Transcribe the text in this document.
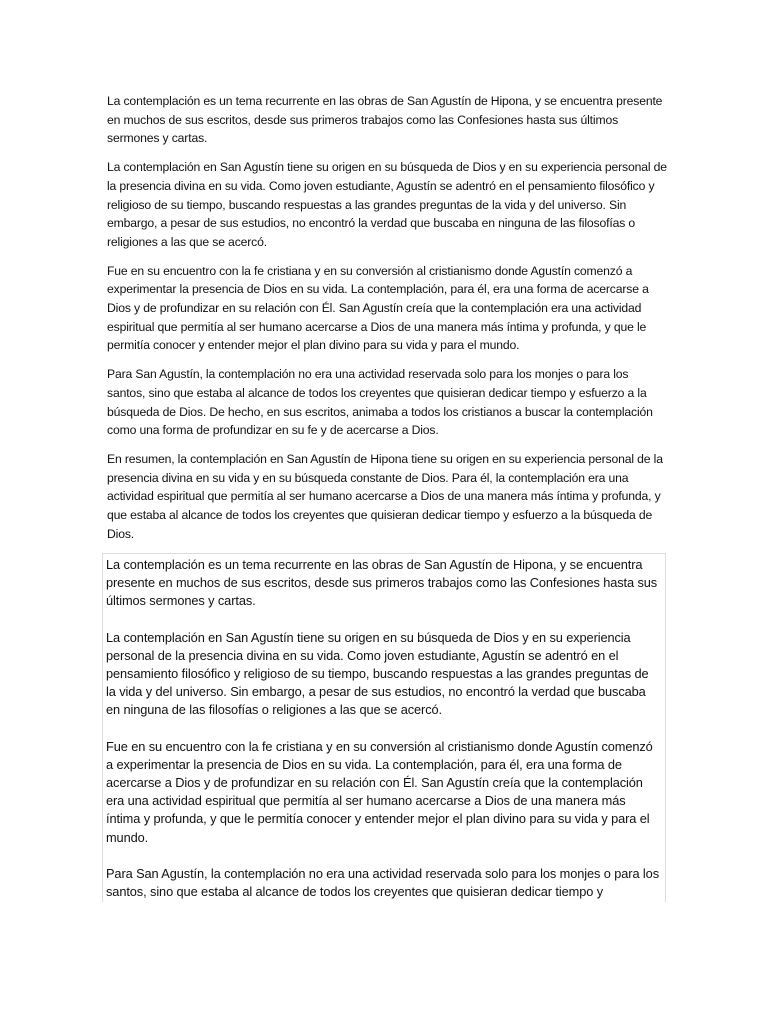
La contemplación es un tema recurrente en las obras de San Agustín de Hipona, y se encuentra presente en muchos de sus escritos, desde sus primeros trabajos como las Confesiones hasta sus últimos sermones y cartas.

La contemplación en San Agustín tiene su origen en su búsqueda de Dios y en su experiencia personal de la presencia divina en su vida. Como joven estudiante, Agustín se adentró en el pensamiento filosófico y religioso de su tiempo, buscando respuestas a las grandes preguntas de la vida y del universo. Sin embargo, a pesar de sus estudios, no encontró la verdad que buscaba en ninguna de las filosofías o religiones a las que se acercó.

Fue en su encuentro con la fe cristiana y en su conversión al cristianismo donde Agustín comenzó a experimentar la presencia de Dios en su vida. La contemplación, para él, era una forma de acercarse a Dios y de profundizar en su relación con Él. San Agustín creía que la contemplación era una actividad espiritual que permitía al ser humano acercarse a Dios de una manera más íntima y profunda, y que le permitía conocer y entender mejor el plan divino para su vida y para el mundo.

Para San Agustín, la contemplación no era una actividad reservada solo para los monjes o para los santos, sino que estaba al alcance de todos los creyentes que quisieran dedicar tiempo y esfuerzo a la búsqueda de Dios. De hecho, en sus escritos, animaba a todos los cristianos a buscar la contemplación como una forma de profundizar en su fe y de acercarse a Dios.

En resumen, la contemplación en San Agustín de Hipona tiene su origen en su experiencia personal de la presencia divina en su vida y en su búsqueda constante de Dios. Para él, la contemplación era una actividad espiritual que permitía al ser humano acercarse a Dios de una manera más íntima y profunda, y que estaba al alcance de todos los creyentes que quisieran dedicar tiempo y esfuerzo a la búsqueda de Dios.

La contemplación es un tema recurrente en las obras de San Agustín de Hipona, y se encuentra presente en muchos de sus escritos, desde sus primeros trabajos como las Confesiones hasta sus últimos sermones y cartas.

La contemplación en San Agustín tiene su origen en su búsqueda de Dios y en su experiencia personal de la presencia divina en su vida. Como joven estudiante, Agustín se adentró en el pensamiento filosófico y religioso de su tiempo, buscando respuestas a las grandes preguntas de la vida y del universo. Sin embargo, a pesar de sus estudios, no encontró la verdad que buscaba en ninguna de las filosofías o religiones a las que se acercó.

Fue en su encuentro con la fe cristiana y en su conversión al cristianismo donde Agustín comenzó a experimentar la presencia de Dios en su vida. La contemplación, para él, era una forma de acercarse a Dios y de profundizar en su relación con Él. San Agustín creía que la contemplación era una actividad espiritual que permitía al ser humano acercarse a Dios de una manera más íntima y profunda, y que le permitía conocer y entender mejor el plan divino para su vida y para el mundo.

Para San Agustín, la contemplación no era una actividad reservada solo para los monjes o para los santos, sino que estaba al alcance de todos los creyentes que quisieran dedicar tiempo y
